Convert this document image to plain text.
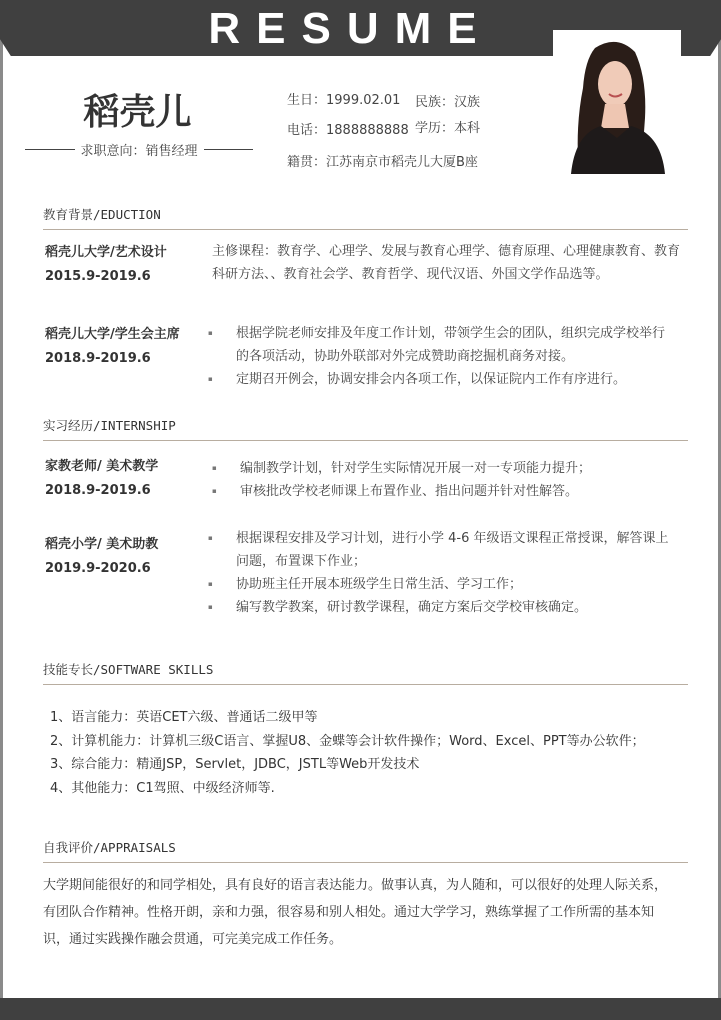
RESUME
稻壳儿
求职意向：销售经理
生日：1999.02.01 民族：汉族
电话：1888888888 学历：本科
籍贯：江苏南京市稻壳儿大厦B座
教育背景/EDUCTION
稻壳儿大学/艺术设计
2015.9-2019.6
主修课程：教育学、心理学、发展与教育心理学、德育原理、心理健康教育、教育科研方法、、教育社会学、教育哲学、现代汉语、外国文学作品选等。
稻壳儿大学/学生会主席
2018.9-2019.6
▪ 根据学院老师安排及年度工作计划，带领学生会的团队，组织完成学校举行的各项活动，协助外联部对外完成赞助商挖掘机商务对接。
▪ 定期召开例会，协调安排会内各项工作，以保证院内工作有序进行。
实习经历/INTERNSHIP
家教老师/ 美术教学
2018.9-2019.6
▪ 编制教学计划，针对学生实际情况开展一对一专项能力提升；
▪ 审核批改学校老师课上布置作业、指出问题并针对性解答。
稻壳小学/ 美术助教
2019.9-2020.6
▪ 根据课程安排及学习计划，进行小学 4-6 年级语文课程正常授课，解答课上问题，布置课下作业；
▪ 协助班主任开展本班级学生日常生活、学习工作；
▪ 编写教学教案，研讨教学课程，确定方案后交学校审核确定。
技能专长/SOFTWARE SKILLS
1、语言能力：英语CET六级、普通话二级甲等
2、计算机能力：计算机三级C语言、掌握U8、金蝶等会计软件操作；Word、Excel、PPT等办公软件；
3、综合能力：精通JSP，Servlet，JDBC，JSTL等Web开发技术
4、其他能力：C1驾照、中级经济师等.
自我评价/APPRAISALS
大学期间能很好的和同学相处，具有良好的语言表达能力。做事认真，为人随和，可以很好的处理人际关系，有团队合作精神。性格开朗，亲和力强，很容易和别人相处。通过大学学习，熟练掌握了工作所需的基本知识，通过实践操作融会贯通，可完美完成工作任务。
